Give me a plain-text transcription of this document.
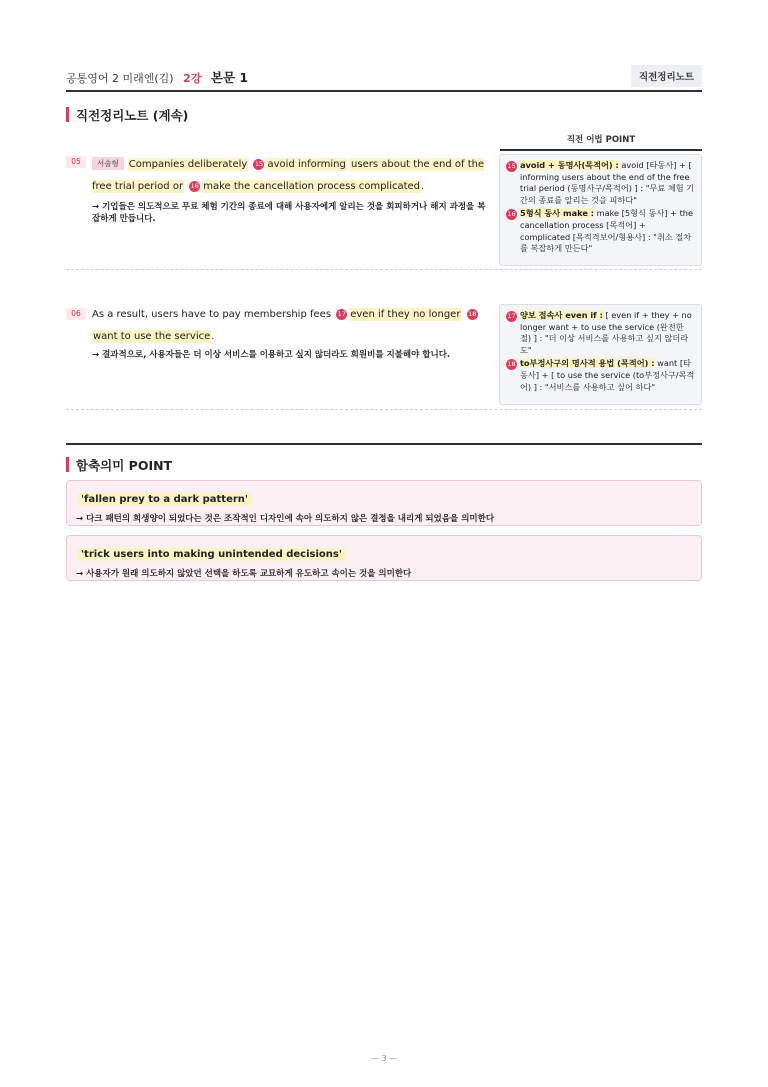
공통영어 2 미래엔(김) 2강 본문 1	직전정리노트
직전정리노트 (계속)
직전 어법 POINT
05	서술형 Companies deliberately 15 avoid informing users about the end of the free trial period or 16 make the cancellation process complicated.
→ 기업들은 의도적으로 무료 체험 기간의 종료에 대해 사용자에게 알리는 것을 회피하거나 해지 과정을 복잡하게 만듭니다.
15 avoid + 동명사(목적어) : avoid [타동사] + [ informing users about the end of the free trial period (동명사구/목적어) ] : "무료 체험 기간의 종료를 알리는 것을 피하다"
16 5형식 동사 make : make [5형식 동사] + the cancellation process [목적어] + complicated [목적격보어/형용사] : "취소 절차를 복잡하게 만든다"
06	As a result, users have to pay membership fees 17 even if they no longer 18want to use the service.
→ 결과적으로, 사용자들은 더 이상 서비스를 이용하고 싶지 않더라도 회원비를 지불해야 합니다.
17 양보 접속사 even if : [ even if + they + no longer want + to use the service (완전한 절) ] : "더 이상 서비스를 사용하고 싶지 않더라도"
18 to부정사구의 명사적 용법 (목적어) : want [타동사] + [ to use the service (to부정사구/목적어) ] : "서비스를 사용하고 싶어 하다"
함축의미 POINT
'fallen prey to a dark pattern'
→ 다크 패턴의 희생양이 되었다는 것은 조작적인 디자인에 속아 의도하지 않은 결정을 내리게 되었음을 의미한다
'trick users into making unintended decisions'
→ 사용자가 원래 의도하지 않았던 선택을 하도록 교묘하게 유도하고 속이는 것을 의미한다
— 3 —
